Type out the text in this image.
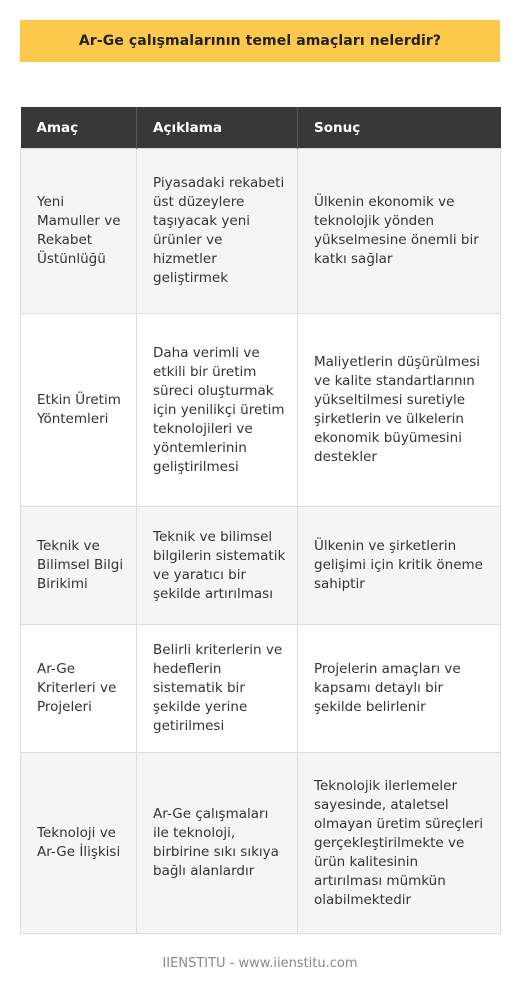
Ar-Ge çalışmalarının temel amaçları nelerdir?
Amaç	Açıklama	Sonuç
Yeni Mamuller ve Rekabet Üstünlüğü	Piyasadaki rekabeti üst düzeylere taşıyacak yeni ürünler ve hizmetler geliştirmek	Ülkenin ekonomik ve teknolojik yönden yükselmesine önemli bir katkı sağlar
Etkin Üretim Yöntemleri	Daha verimli ve etkili bir üretim süreci oluşturmak için yenilikçi üretim teknolojileri ve yöntemlerinin geliştirilmesi	Maliyetlerin düşürülmesi ve kalite standartlarının yükseltilmesi suretiyle şirketlerin ve ülkelerin ekonomik büyümesini destekler
Teknik ve Bilimsel Bilgi Birikimi	Teknik ve bilimsel bilgilerin sistematik ve yaratıcı bir şekilde artırılması	Ülkenin ve şirketlerin gelişimi için kritik öneme sahiptir
Ar-Ge Kriterleri ve Projeleri	Belirli kriterlerin ve hedeflerin sistematik bir şekilde yerine getirilmesi	Projelerin amaçları ve kapsamı detaylı bir şekilde belirlenir
Teknoloji ve Ar-Ge İlişkisi	Ar-Ge çalışmaları ile teknoloji, birbirine sıkı sıkıya bağlı alanlardır	Teknolojik ilerlemeler sayesinde, ataletsel olmayan üretim süreçleri gerçekleştirilmekte ve ürün kalitesinin artırılması mümkün olabilmektedir
IIENSTITU - www.iienstitu.com
